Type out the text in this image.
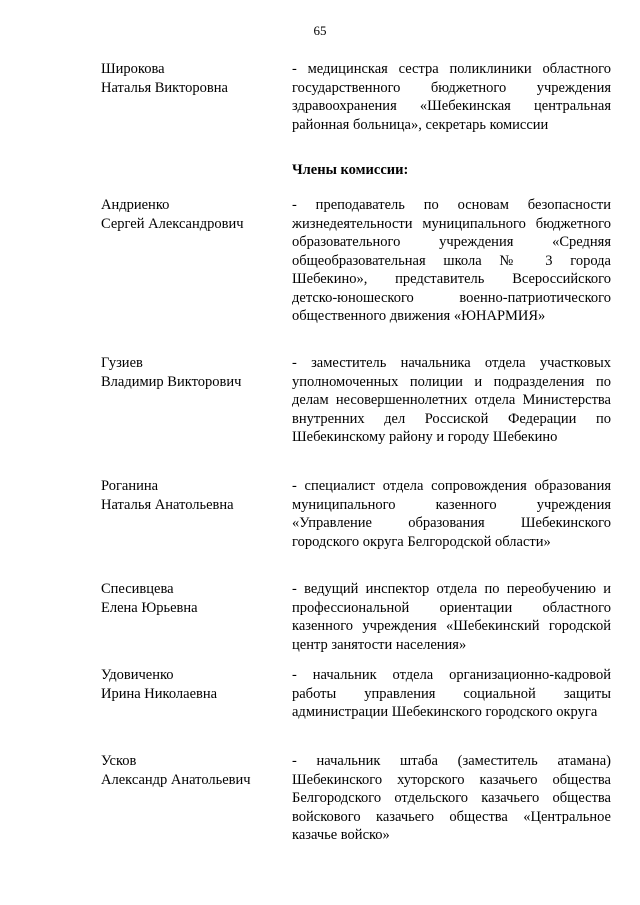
65
Широкова
Наталья Викторовна
- медицинская сестра поликлиники областного государственного бюджетного учреждения здравоохранения «Шебекинская центральная районная больница», секретарь комиссии
Члены комиссии:
Андриенко
Сергей Александрович
- преподаватель по основам безопасности жизнедеятельности муниципального бюджетного образовательного учреждения «Средняя общеобразовательная школа № 3 города Шебекино», представитель Всероссийского детско-юношеского военно-патриотического общественного движения «ЮНАРМИЯ»
Гузиев
Владимир Викторович
- заместитель начальника отдела участковых уполномоченных полиции и подразделения по делам несовершеннолетних отдела Министерства внутренних дел Россиской Федерации по Шебекинскому району и городу Шебекино
Роганина
Наталья Анатольевна
- специалист отдела сопровождения образования муниципального казенного учреждения «Управление образования Шебекинского городского округа Белгородской области»
Спесивцева
Елена Юрьевна
- ведущий инспектор отдела по переобучению и профессиональной ориентации областного казенного учреждения «Шебекинский городской центр занятости населения»
Удовиченко
Ирина Николаевна
- начальник отдела организационно-кадровой работы управления социальной защиты администрации Шебекинского городского округа
Усков
Александр Анатольевич
- начальник штаба (заместитель атамана) Шебекинского хуторского казачьего общества Белгородского отдельского казачьего общества войскового казачьего общества «Центральное казачье войско»
